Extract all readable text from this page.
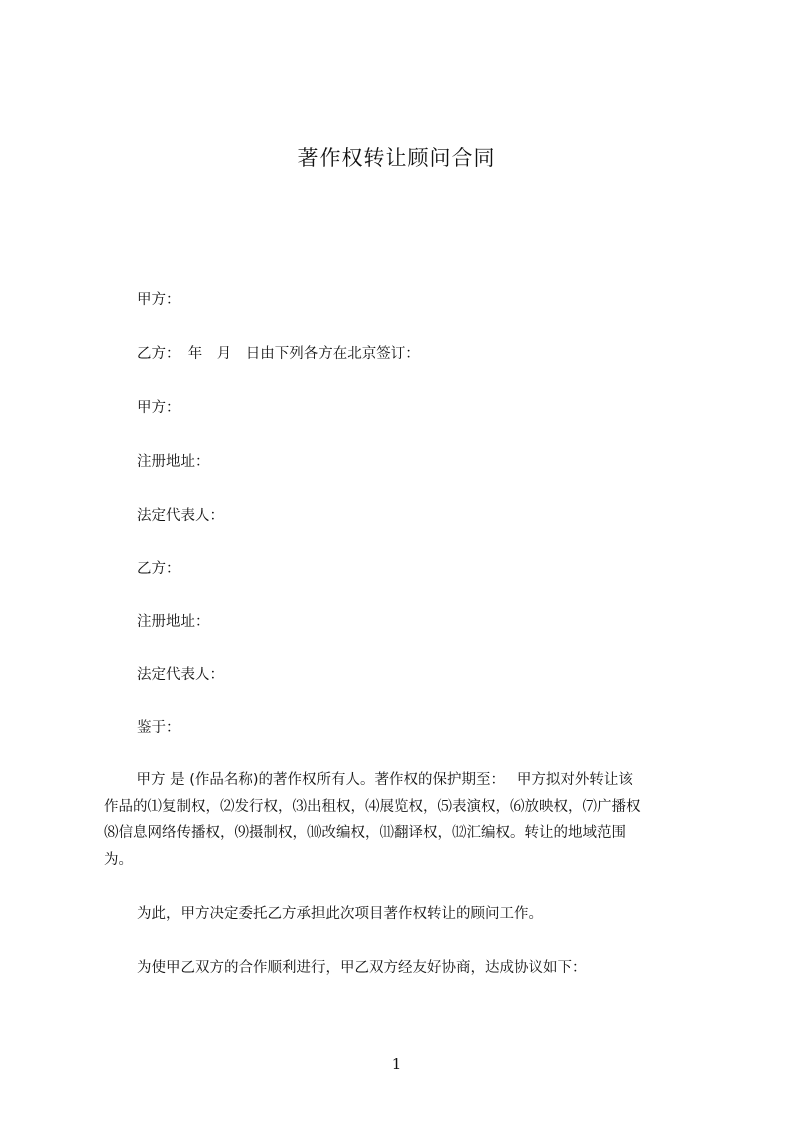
著作权转让顾问合同
甲方：
乙方：　年　月　日由下列各方在北京签订：
甲方：
注册地址：
法定代表人：
乙方：
注册地址：
法定代表人：
鉴于：
　甲方 是 (作品名称)的著作权所有人。著作权的保护期至：　 甲方拟对外转让该
作品的⑴复制权，⑵发行权，⑶出租权，⑷展览权，⑸表演权，⑹放映权，⑺广播权
⑻信息网络传播权，⑼摄制权，⑽改编权，⑾翻译权，⑿汇编权。转让的地域范围
为。
为此，甲方决定委托乙方承担此次项目著作权转让的顾问工作。
为使甲乙双方的合作顺利进行，甲乙双方经友好协商，达成协议如下：
1
